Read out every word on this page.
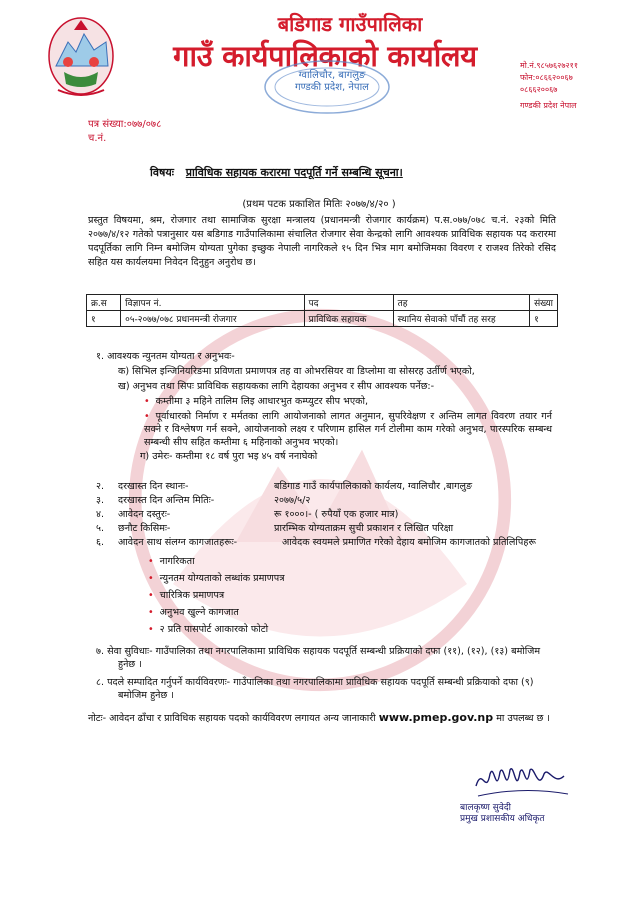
बडिगाड गाउँपालिका
गाउँ कार्यपालिकाको कार्यालय	मो.नं.९८५७६२७२११
फोन:०८६६२००६७
०८६६२००६७
गण्डकी प्रदेश नेपाल
ग्वालिचौर, बागलुङ
गण्डकी प्रदेश, नेपाल
पत्र संख्या:०७७/०७८
च.नं.
विषयः प्राविधिक सहायक करारमा पदपूर्ति गर्ने सम्बन्धि सूचना।
(प्रथम पटक प्रकाशित मितिः २०७७/४/२० )
प्रस्तुत विषयमा, श्रम, रोजगार तथा सामाजिक सुरक्षा मन्त्रालय (प्रधानमन्त्री रोजगार कार्यक्रम) प.स.०७७/०७८ च.नं. २३को मिति २०७७/४/१२ गतेको पत्रानुसार यस बडिगाड गाउँपालिकामा संचालित रोजगार सेवा केन्द्रको लागि आवश्यक प्राविधिक सहायक पद करारमा पदपूर्तिका लागि निम्न बमोजिम योग्यता पुगेका इच्छुक नेपाली नागरिकले १५ दिन भित्र माग बमोजिमका विवरण र राजश्व तिरेको रसिद सहित यस कार्यलयमा निवेदन दिनुहुन अनुरोध छ।
क्र.स	विज्ञापन नं.	पद	तह	संख्या
१	०५-२०७७/०७८ प्रधानमन्त्री रोजगार	प्राविधिक सहायक	स्थानिय सेवाको पाँचौं तह सरह	१
१. आवश्यक न्युनतम योग्यता र अनुभवः-
क) सिभिल इन्जिनियरिङमा प्रविणता प्रमाणपत्र तह वा ओभरसियर वा डिप्लोमा वा सोसरह उर्तीर्ण भएको,
ख) अनुभव तथा सिपः प्राविधिक सहायकका लागि देहायका अनुभव र सीप आवश्यक पर्नेछ:-
• कम्तीमा ३ महिने तालिम लिइ आधारभुत कम्प्युटर सीप भएको,
• पूर्वाधारको निर्माण र मर्मतका लागि आयोजनाको लागत अनुमान, सुपरिवेक्षण र अन्तिम लागत विवरण तयार गर्न सक्ने र विश्लेषण गर्न सक्ने, आयोजनाको लक्ष्य र परिणाम हासिल गर्न टोलीमा काम गरेको अनुभव, पारस्परिक सम्बन्ध सम्बन्धी सीप सहित कम्तीमा ६ महिनाको अनुभव भएको।
ग) उमेरः- कम्तीमा १८ वर्ष पुरा भइ ४५ वर्ष ननाघेको
२. दरखास्त दिन स्थानः-	बडिगाड गाउँ कार्यपालिकाको कार्यलय, ग्वालिचौर ,बागलुङ
३. दरखास्त दिन अन्तिम मितिः-	२०७७/५/२
४. आवेदन दस्तुरः-	रू १०००।- ( रुपैयाँ एक हजार मात्र)
५. छनौट किसिमः-	प्रारम्भिक योग्यताक्रम सुची प्रकाशन र लिखित परिक्षा
६. आवेदन साथ संलग्न कागजातहरूः-	आवेदक स्वयमले प्रमाणित गरेको देहाय बमोजिम कागजातको प्रतिलिपिहरू
• नागरिकता
• न्युनतम योग्यताको लब्धांक प्रमाणपत्र
• चारित्रिक प्रमाणपत्र
• अनुभव खुल्ने कागजात
• २ प्रति पासपोर्ट आकारको फोटो
७. सेवा सुविधाः- गाउँपालिका तथा नगरपालिकामा प्राविधिक सहायक पदपूर्ति सम्बन्धी प्रक्रियाको दफा (११), (१२), (१३) बमोजिम
हुनेछ ।
८. पदले सम्पादित गर्नुपर्ने कार्यविवरणः- गाउँपालिका तथा नगरपालिकामा प्राविधिक सहायक पदपूर्ति सम्बन्धी प्रक्रियाको दफा (९)
बमोजिम हुनेछ ।
नोटः- आवेदन ढाँचा र प्राविधिक सहायक पदको कार्यविवरण लगायत अन्य जानाकारी www.pmep.gov.np मा उपलब्ध छ ।
बालकृष्ण सुवेदी
प्रमुख प्रशासकीय अधिकृत
